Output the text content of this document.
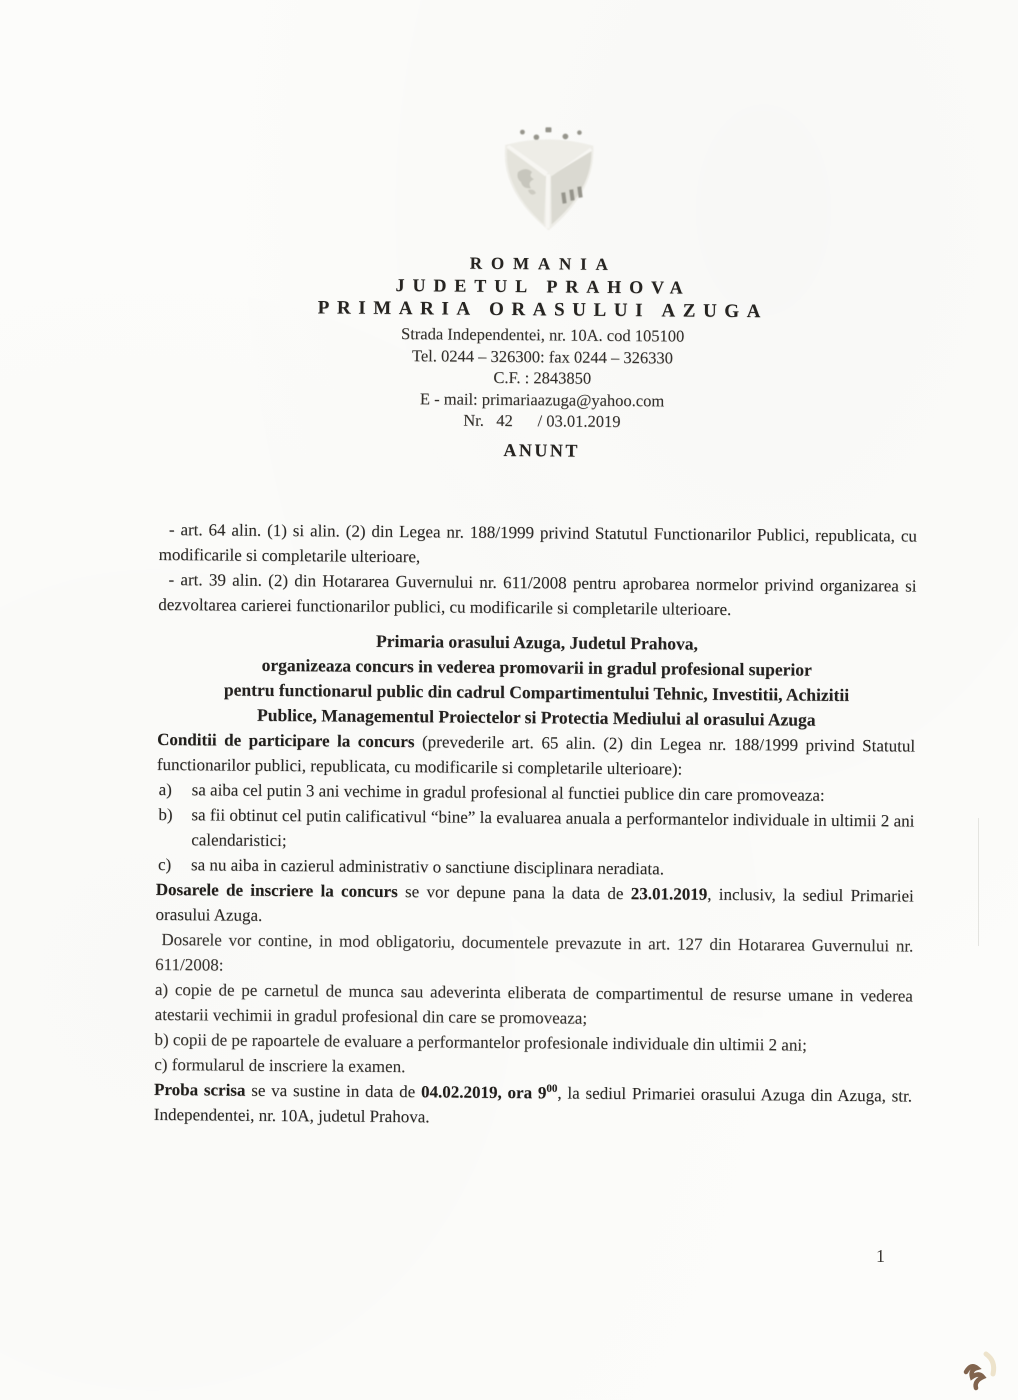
ROMANIA
JUDETUL PRAHOVA
PRIMARIA ORASULUI AZUGA
Strada Independentei, nr. 10A. cod 105100
Tel. 0244 – 326300: fax 0244 – 326330
C.F. : 2843850
E - mail: primariaazuga@yahoo.com
Nr.   42      / 03.01.2019
ANUNT

- art. 64 alin. (1) si alin. (2) din Legea nr. 188/1999 privind Statutul Functionarilor Publici, republicata, cu modificarile si completarile ulterioare,

- art. 39 alin. (2) din Hotararea Guvernului nr. 611/2008 pentru aprobarea normelor privind organizarea si dezvoltarea carierei functionarilor publici, cu modificarile si completarile ulterioare.

Primaria orasului Azuga, Judetul Prahova,
organizeaza concurs in vederea promovarii in gradul profesional superior
pentru functionarul public din cadrul Compartimentului Tehnic, Investitii, Achizitii
Publice, Managementul Proiectelor si Protectia Mediului al orasului Azuga

Conditii de participare la concurs (prevederile art. 65 alin. (2) din Legea nr. 188/1999 privind Statutul functionarilor publici, republicata, cu modificarile si completarile ulterioare):

a) sa aiba cel putin 3 ani vechime in gradul profesional al functiei publice din care promoveaza:
b) sa fii obtinut cel putin calificativul “bine” la evaluarea anuala a performantelor individuale in ultimii 2 ani calendaristici;
c) sa nu aiba in cazierul administrativ o sanctiune disciplinara neradiata.

Dosarele de inscriere la concurs se vor depune pana la data de 23.01.2019, inclusiv, la sediul Primariei orasului Azuga.

Dosarele vor contine, in mod obligatoriu, documentele prevazute in art. 127 din Hotararea Guvernului nr. 611/2008:

a) copie de pe carnetul de munca sau adeverinta eliberata de compartimentul de resurse umane in vederea atestarii vechimii in gradul profesional din care se promoveaza;

b) copii de pe rapoartele de evaluare a performantelor profesionale individuale din ultimii 2 ani;

c) formularul de inscriere la examen.

Proba scrisa se va sustine in data de 04.02.2019, ora $9^{00}$, la sediul Primariei orasului Azuga din Azuga, str. Independentei, nr. 10A, judetul Prahova.

1
